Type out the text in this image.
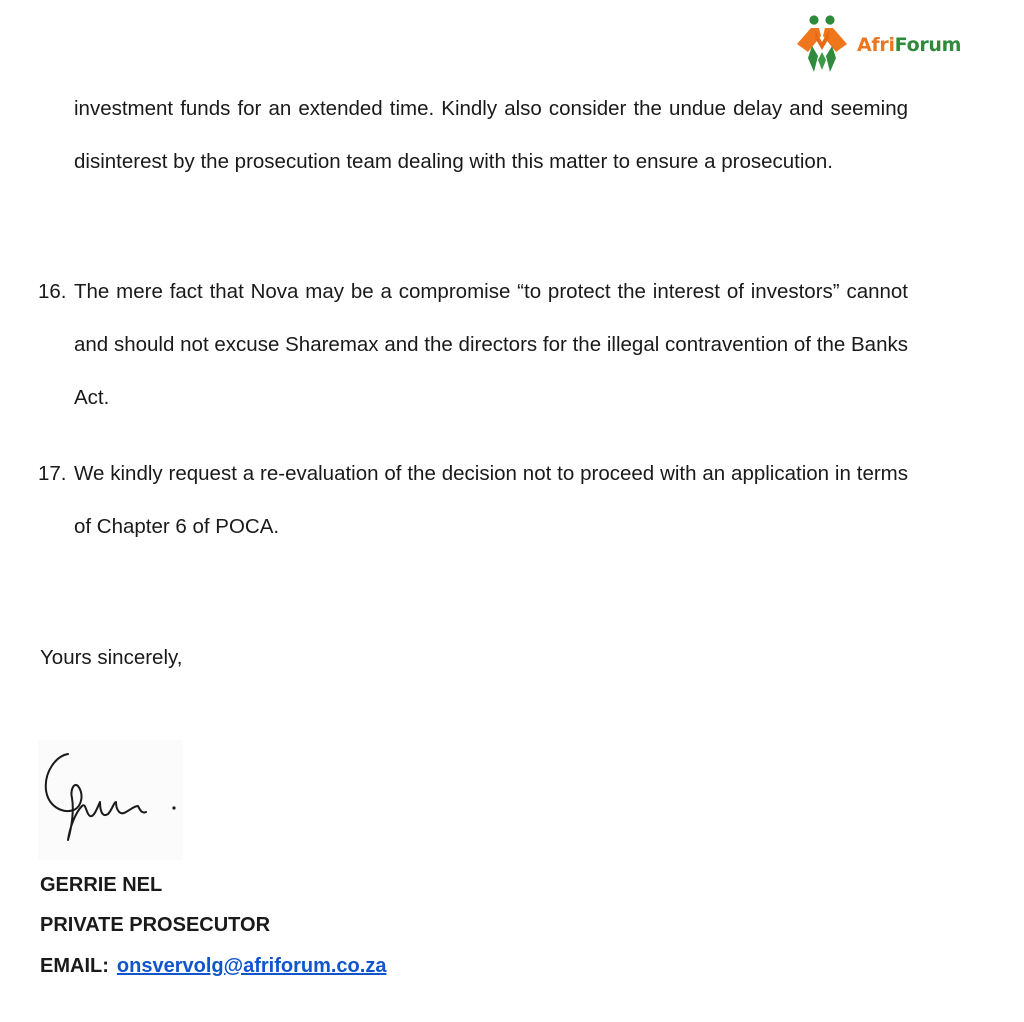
AfriForum
investment funds for an extended time. Kindly also consider the undue delay and seeming disinterest by the prosecution team dealing with this matter to ensure a prosecution.
16. The mere fact that Nova may be a compromise “to protect the interest of investors” cannot and should not excuse Sharemax and the directors for the illegal contravention of the Banks Act.
17. We kindly request a re-evaluation of the decision not to proceed with an application in terms of Chapter 6 of POCA.
Yours sincerely,
GERRIE NEL
PRIVATE PROSECUTOR
EMAIL: onsvervolg@afriforum.co.za
